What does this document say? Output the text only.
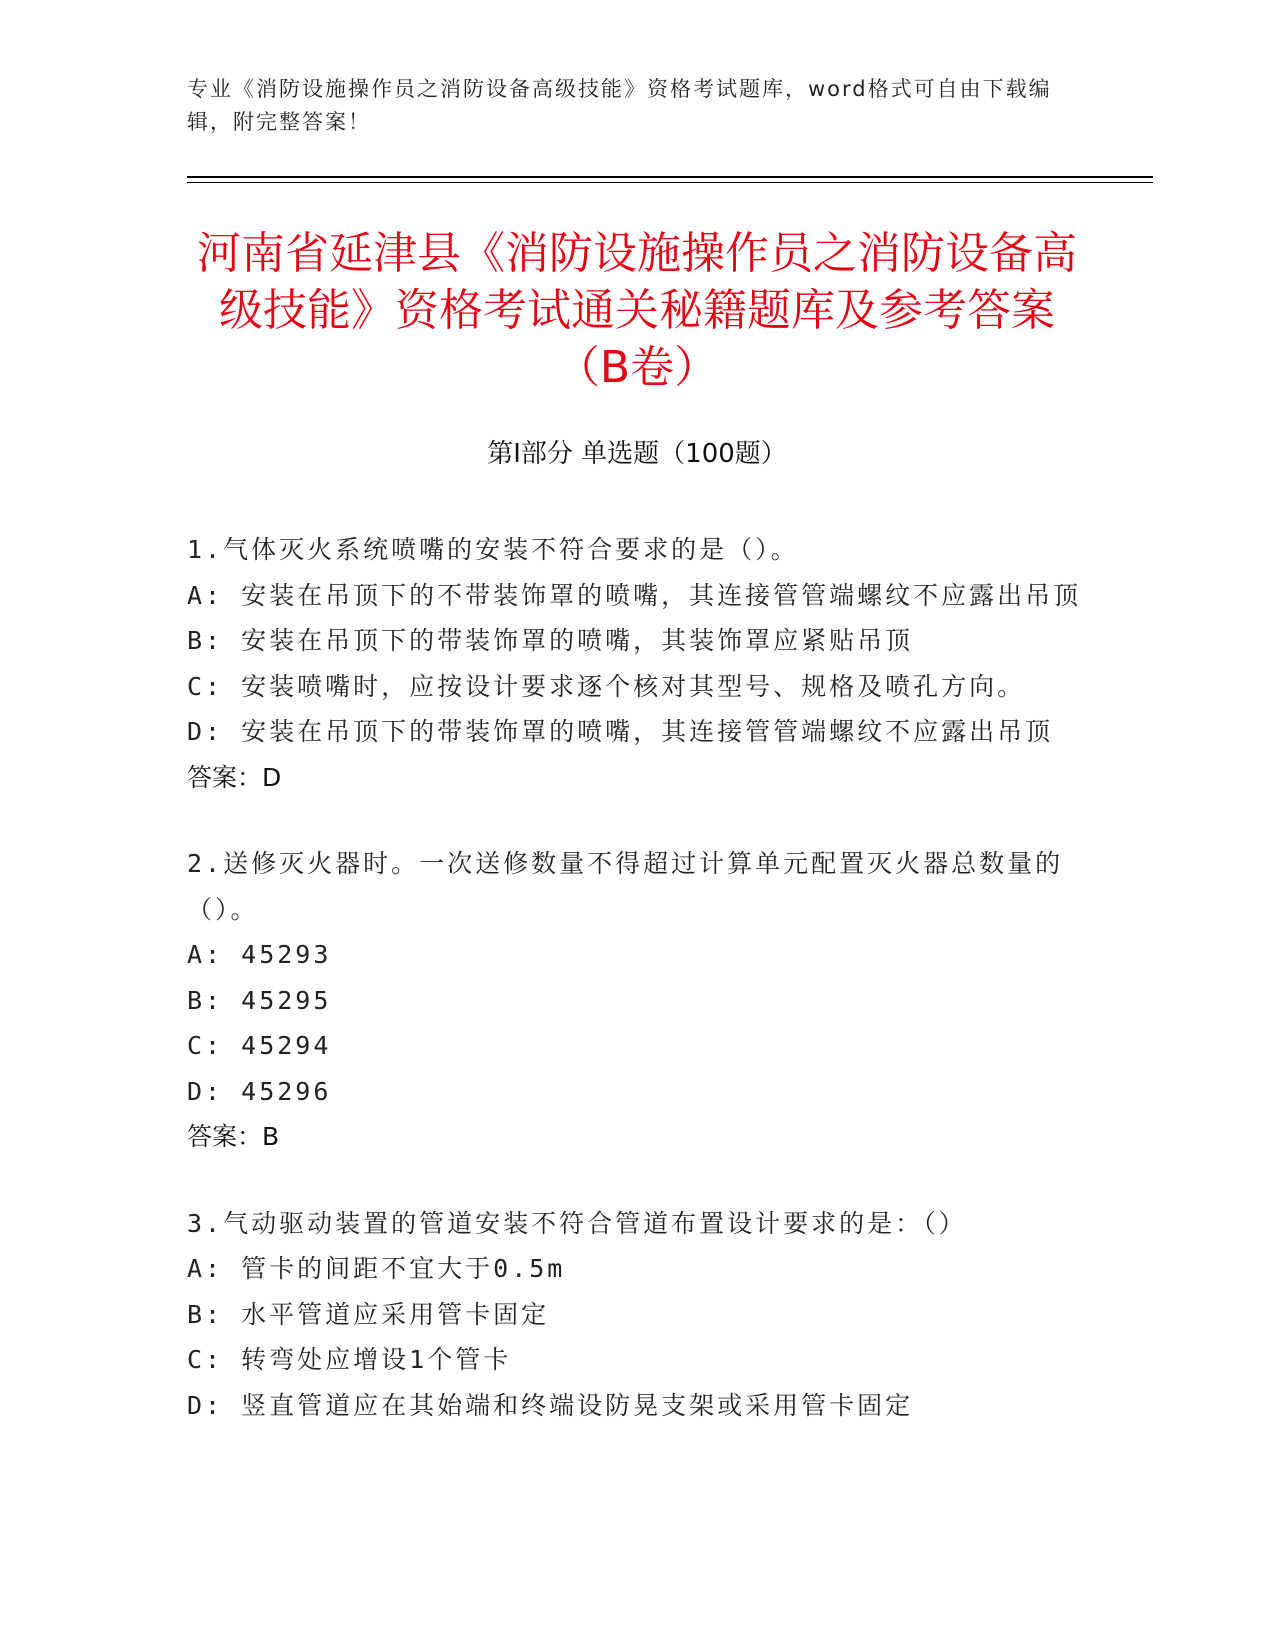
专业《消防设施操作员之消防设备高级技能》资格考试题库，word格式可自由下载编辑，附完整答案！
河南省延津县《消防设施操作员之消防设备高级技能》资格考试通关秘籍题库及参考答案（B卷）
第Ⅰ部分 单选题（100题）
1.气体灭火系统喷嘴的安装不符合要求的是（）。
A: 安装在吊顶下的不带装饰罩的喷嘴，其连接管管端螺纹不应露出吊顶
B: 安装在吊顶下的带装饰罩的喷嘴，其装饰罩应紧贴吊顶
C: 安装喷嘴时，应按设计要求逐个核对其型号、规格及喷孔方向。
D: 安装在吊顶下的带装饰罩的喷嘴，其连接管管端螺纹不应露出吊顶
答案：D
2.送修灭火器时。一次送修数量不得超过计算单元配置灭火器总数量的（）。
A: 45293
B: 45295
C: 45294
D: 45296
答案：B
3.气动驱动装置的管道安装不符合管道布置设计要求的是：（）
A: 管卡的间距不宜大于0.5m
B: 水平管道应采用管卡固定
C: 转弯处应增设1个管卡
D: 竖直管道应在其始端和终端设防晃支架或采用管卡固定
